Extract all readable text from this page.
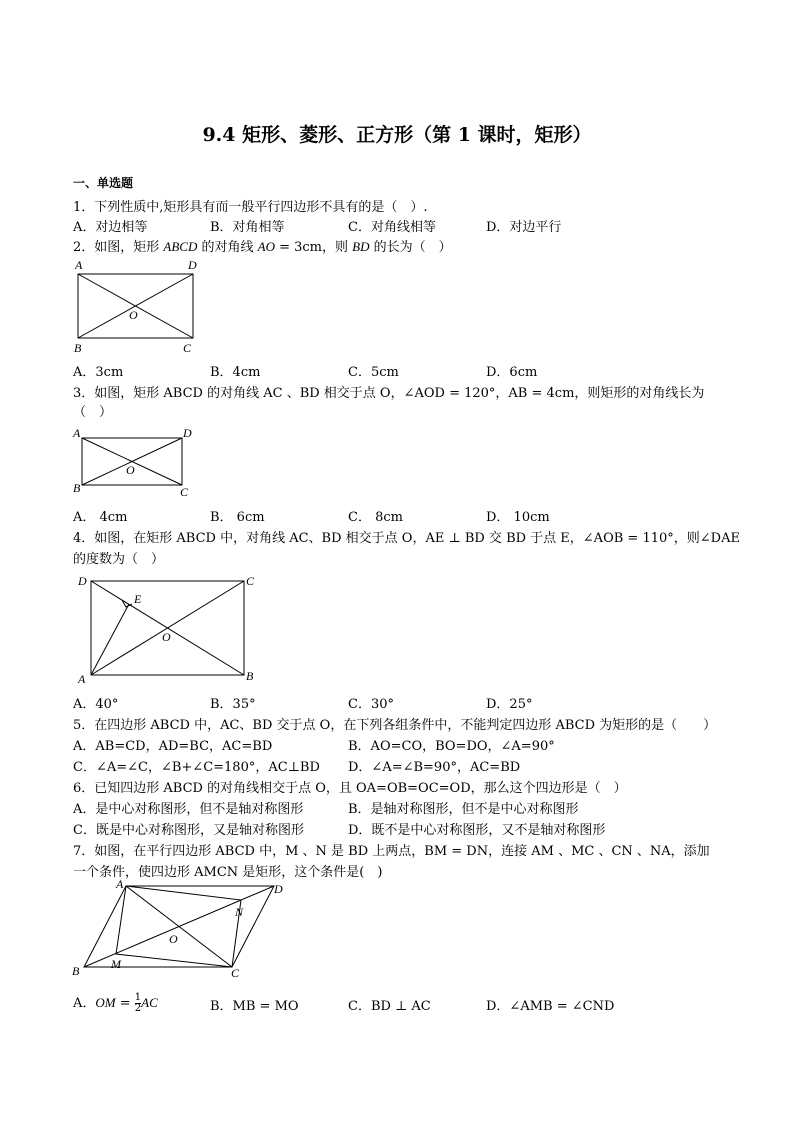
9.4 矩形、菱形、正方形（第 1 课时，矩形）
一、单选题
1．下列性质中,矩形具有而一般平行四边形不具有的是（　）.
A．对边相等	B．对角相等	C．对角线相等	D．对边平行
2．如图，矩形 ABCD 的对角线 AO = 3cm，则 BD 的长为（　）
A	D
O
B	C
A．3cm	B．4cm	C．5cm	D．6cm
3．如图，矩形 ABCD 的对角线 AC 、BD 相交于点 O，∠AOD = 120°，AB = 4cm，则矩形的对角线长为
（　）
A	D
O
B	C
A． 4cm	B． 6cm	C． 8cm	D． 10cm
4．如图，在矩形 ABCD 中，对角线 AC、BD 相交于点 O，AE ⊥ BD 交 BD 于点 E，∠AOB = 110°，则∠DAE
的度数为（　）
D	C
E
O
A	B
A．40°	B．35°	C．30°	D．25°
5．在四边形 ABCD 中，AC、BD 交于点 O，在下列各组条件中，不能判定四边形 ABCD 为矩形的是（　　）
A．AB=CD，AD=BC，AC=BD	B．AO=CO，BO=DO，∠A=90°
C．∠A=∠C，∠B+∠C=180°，AC⊥BD D．∠A=∠B=90°，AC=BD
6．已知四边形 ABCD 的对角线相交于点 O，且 OA=OB=OC=OD，那么这个四边形是（　）
A．是中心对称图形，但不是轴对称图形	B．是轴对称图形，但不是中心对称图形
C．既是中心对称图形，又是轴对称图形	D．既不是中心对称图形，又不是轴对称图形
7．如图，在平行四边形 ABCD 中，M 、N 是 BD 上两点，BM = DN，连接 AM 、MC 、CN 、NA，添加
一个条件，使四边形 AMCN 是矩形，这个条件是(　)
A	D
N
O
B	M
C
A．OM = $\frac{1}{2}$ AC	B．MB = MO	C．BD ⊥ AC	D．∠AMB = ∠CND
